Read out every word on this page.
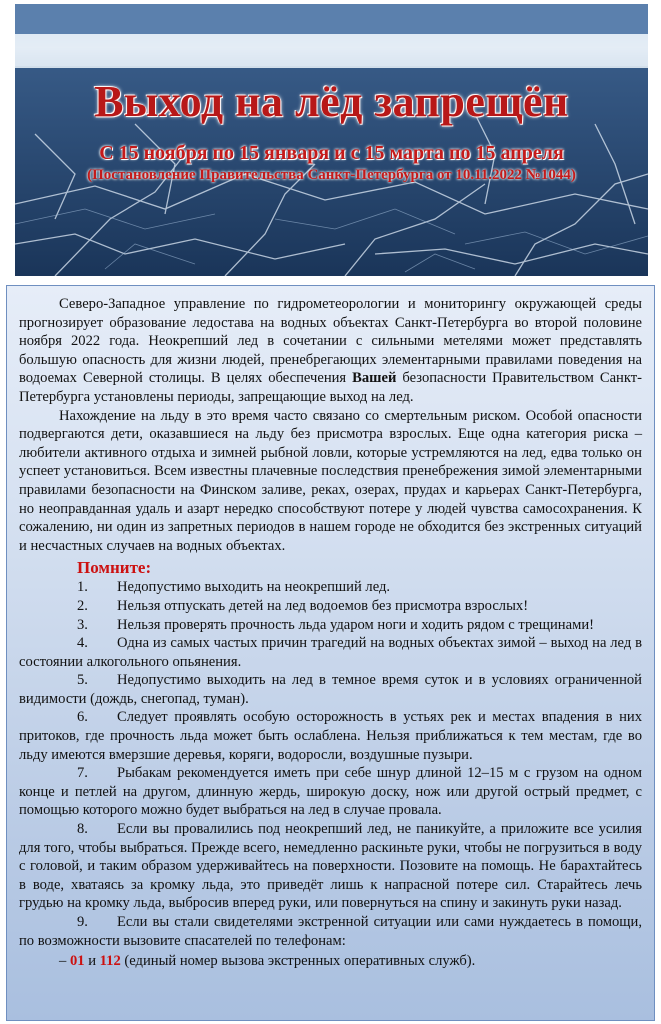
Выход на лёд запрещён
С 15 ноября по 15 января и с 15 марта по 15 апреля
(Постановление Правительства Санкт-Петербурга от 10.11.2022 №1044)

Северо-Западное управление по гидрометеорологии и мониторингу окружающей среды прогнозирует образование ледостава на водных объектах Санкт-Петербурга во второй половине ноября 2022 года. Неокрепший лед в сочетании с сильными метелями может представлять большую опасность для жизни людей, пренебрегающих элементарными правилами поведения на водоемах Северной столицы. В целях обеспечения Вашей безопасности Правительством Санкт-Петербурга установлены периоды, запрещающие выход на лед.

Нахождение на льду в это время часто связано со смертельным риском. Особой опасности подвергаются дети, оказавшиеся на льду без присмотра взрослых. Еще одна категория риска – любители активного отдыха и зимней рыбной ловли, которые устремляются на лед, едва только он успеет установиться. Всем известны плачевные последствия пренебрежения зимой элементарными правилами безопасности на Финском заливе, реках, озерах, прудах и карьерах Санкт-Петербурга, но неоправданная удаль и азарт нередко способствуют потере у людей чувства самосохранения. К сожалению, ни один из запретных периодов в нашем городе не обходится без экстренных ситуаций и несчастных случаев на водных объектах.

Помните:
1. Недопустимо выходить на неокрепший лед.
2. Нельзя отпускать детей на лед водоемов без присмотра взрослых!
3. Нельзя проверять прочность льда ударом ноги и ходить рядом с трещинами!
4. Одна из самых частых причин трагедий на водных объектах зимой – выход на лед в состоянии алкогольного опьянения.
5. Недопустимо выходить на лед в темное время суток и в условиях ограниченной видимости (дождь, снегопад, туман).
6. Следует проявлять особую осторожность в устьях рек и местах впадения в них притоков, где прочность льда может быть ослаблена. Нельзя приближаться к тем местам, где во льду имеются вмерзшие деревья, коряги, водоросли, воздушные пузыри.
7. Рыбакам рекомендуется иметь при себе шнур длиной 12–15 м с грузом на одном конце и петлей на другом, длинную жердь, широкую доску, нож или другой острый предмет, с помощью которого можно будет выбраться на лед в случае провала.
8. Если вы провалились под неокрепший лед, не паникуйте, а приложите все усилия для того, чтобы выбраться. Прежде всего, немедленно раскиньте руки, чтобы не погрузиться в воду с головой, и таким образом удерживайтесь на поверхности. Позовите на помощь. Не барахтайтесь в воде, хватаясь за кромку льда, это приведёт лишь к напрасной потере сил. Старайтесь лечь грудью на кромку льда, выбросив вперед руки, или повернуться на спину и закинуть руки назад.
9. Если вы стали свидетелями экстренной ситуации или сами нуждаетесь в помощи, по возможности вызовите спасателей по телефонам:

– 01 и 112 (единый номер вызова экстренных оперативных служб).
